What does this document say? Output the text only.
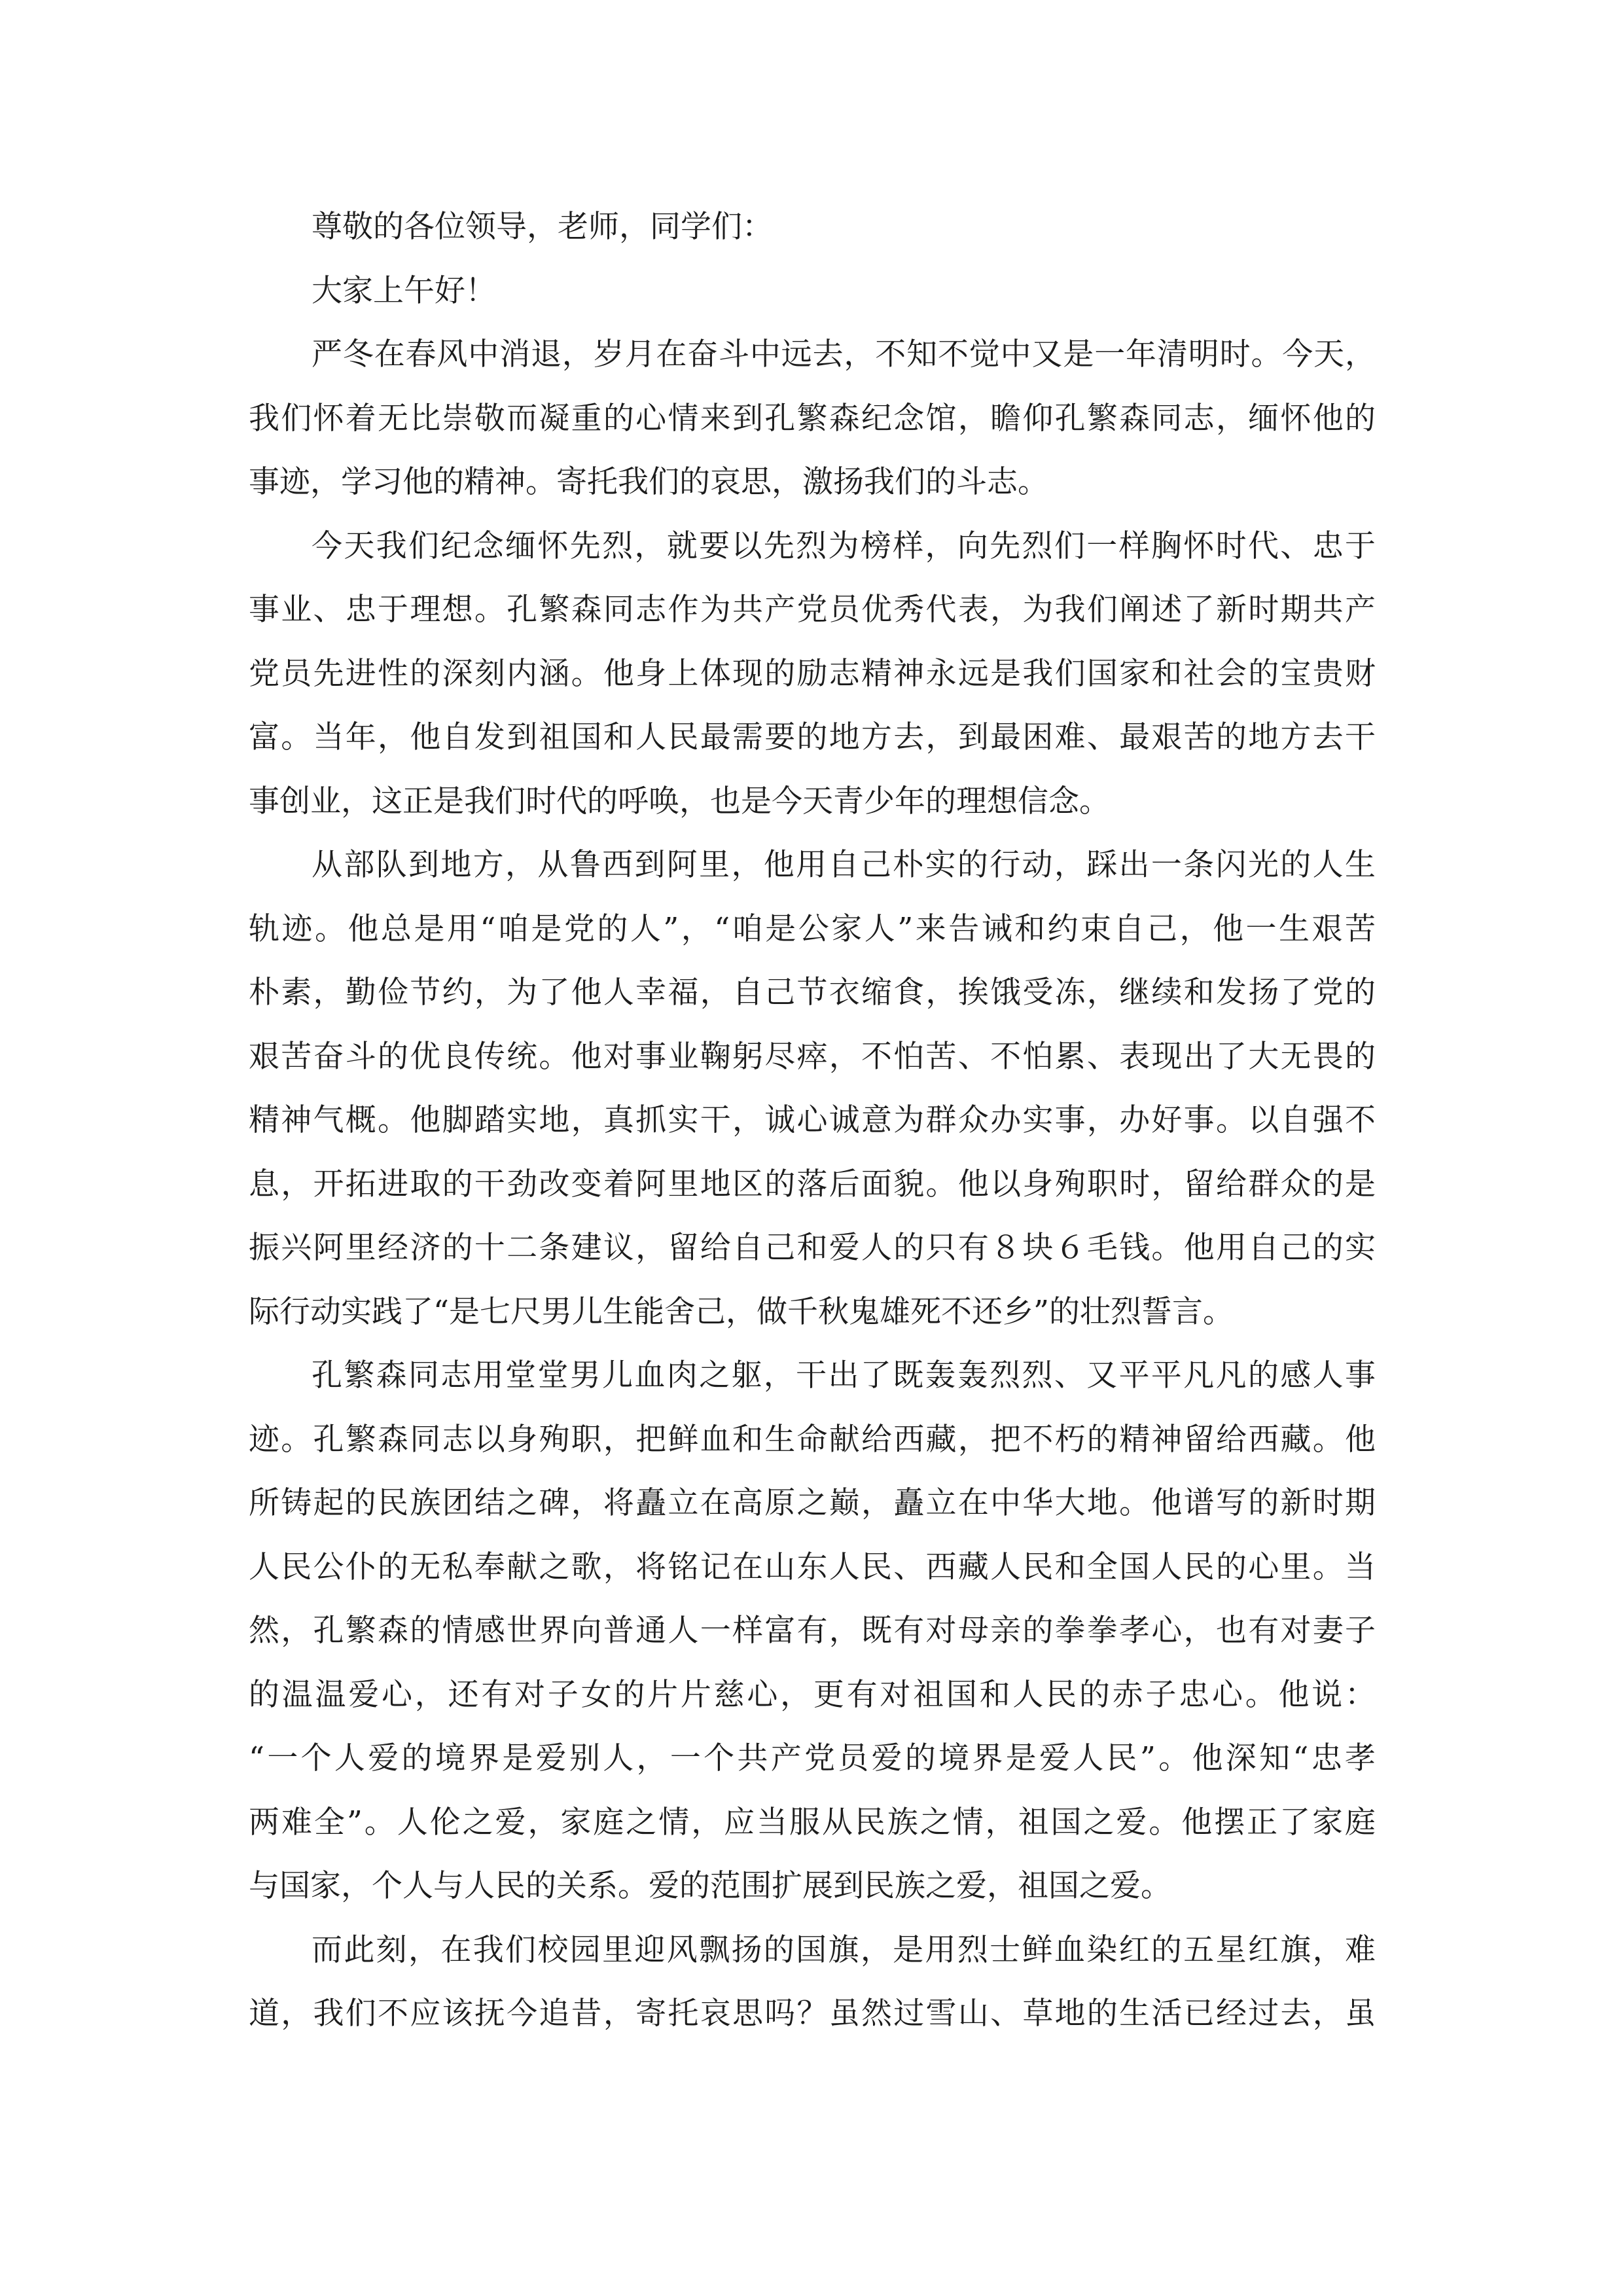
尊敬的各位领导，老师，同学们：
大家上午好！
严冬在春风中消退，岁月在奋斗中远去，不知不觉中又是一年清明时。今天，
我们怀着无比崇敬而凝重的心情来到孔繁森纪念馆，瞻仰孔繁森同志，缅怀他的
事迹，学习他的精神。寄托我们的哀思，激扬我们的斗志。
今天我们纪念缅怀先烈，就要以先烈为榜样，向先烈们一样胸怀时代、忠于
事业、忠于理想。孔繁森同志作为共产党员优秀代表，为我们阐述了新时期共产
党员先进性的深刻内涵。他身上体现的励志精神永远是我们国家和社会的宝贵财
富。当年，他自发到祖国和人民最需要的地方去，到最困难、最艰苦的地方去干
事创业，这正是我们时代的呼唤，也是今天青少年的理想信念。
从部队到地方，从鲁西到阿里，他用自己朴实的行动，踩出一条闪光的人生
轨迹。他总是用“咱是党的人”，“咱是公家人”来告诫和约束自己，他一生艰苦
朴素，勤俭节约，为了他人幸福，自己节衣缩食，挨饿受冻，继续和发扬了党的
艰苦奋斗的优良传统。他对事业鞠躬尽瘁，不怕苦、不怕累、表现出了大无畏的
精神气概。他脚踏实地，真抓实干，诚心诚意为群众办实事，办好事。以自强不
息，开拓进取的干劲改变着阿里地区的落后面貌。他以身殉职时，留给群众的是
振兴阿里经济的十二条建议，留给自己和爱人的只有８块６毛钱。他用自己的实
际行动实践了“是七尺男儿生能舍己，做千秋鬼雄死不还乡”的壮烈誓言。
孔繁森同志用堂堂男儿血肉之躯，干出了既轰轰烈烈、又平平凡凡的感人事
迹。孔繁森同志以身殉职，把鲜血和生命献给西藏，把不朽的精神留给西藏。他
所铸起的民族团结之碑，将矗立在高原之巅，矗立在中华大地。他谱写的新时期
人民公仆的无私奉献之歌，将铭记在山东人民、西藏人民和全国人民的心里。当
然，孔繁森的情感世界向普通人一样富有，既有对母亲的拳拳孝心，也有对妻子
的温温爱心，还有对子女的片片慈心，更有对祖国和人民的赤子忠心。他说：
“一个人爱的境界是爱别人，一个共产党员爱的境界是爱人民”。他深知“忠孝
两难全”。人伦之爱，家庭之情，应当服从民族之情，祖国之爱。他摆正了家庭
与国家，个人与人民的关系。爱的范围扩展到民族之爱，祖国之爱。
而此刻，在我们校园里迎风飘扬的国旗，是用烈士鲜血染红的五星红旗，难
道，我们不应该抚今追昔，寄托哀思吗？虽然过雪山、草地的生活已经过去，虽
